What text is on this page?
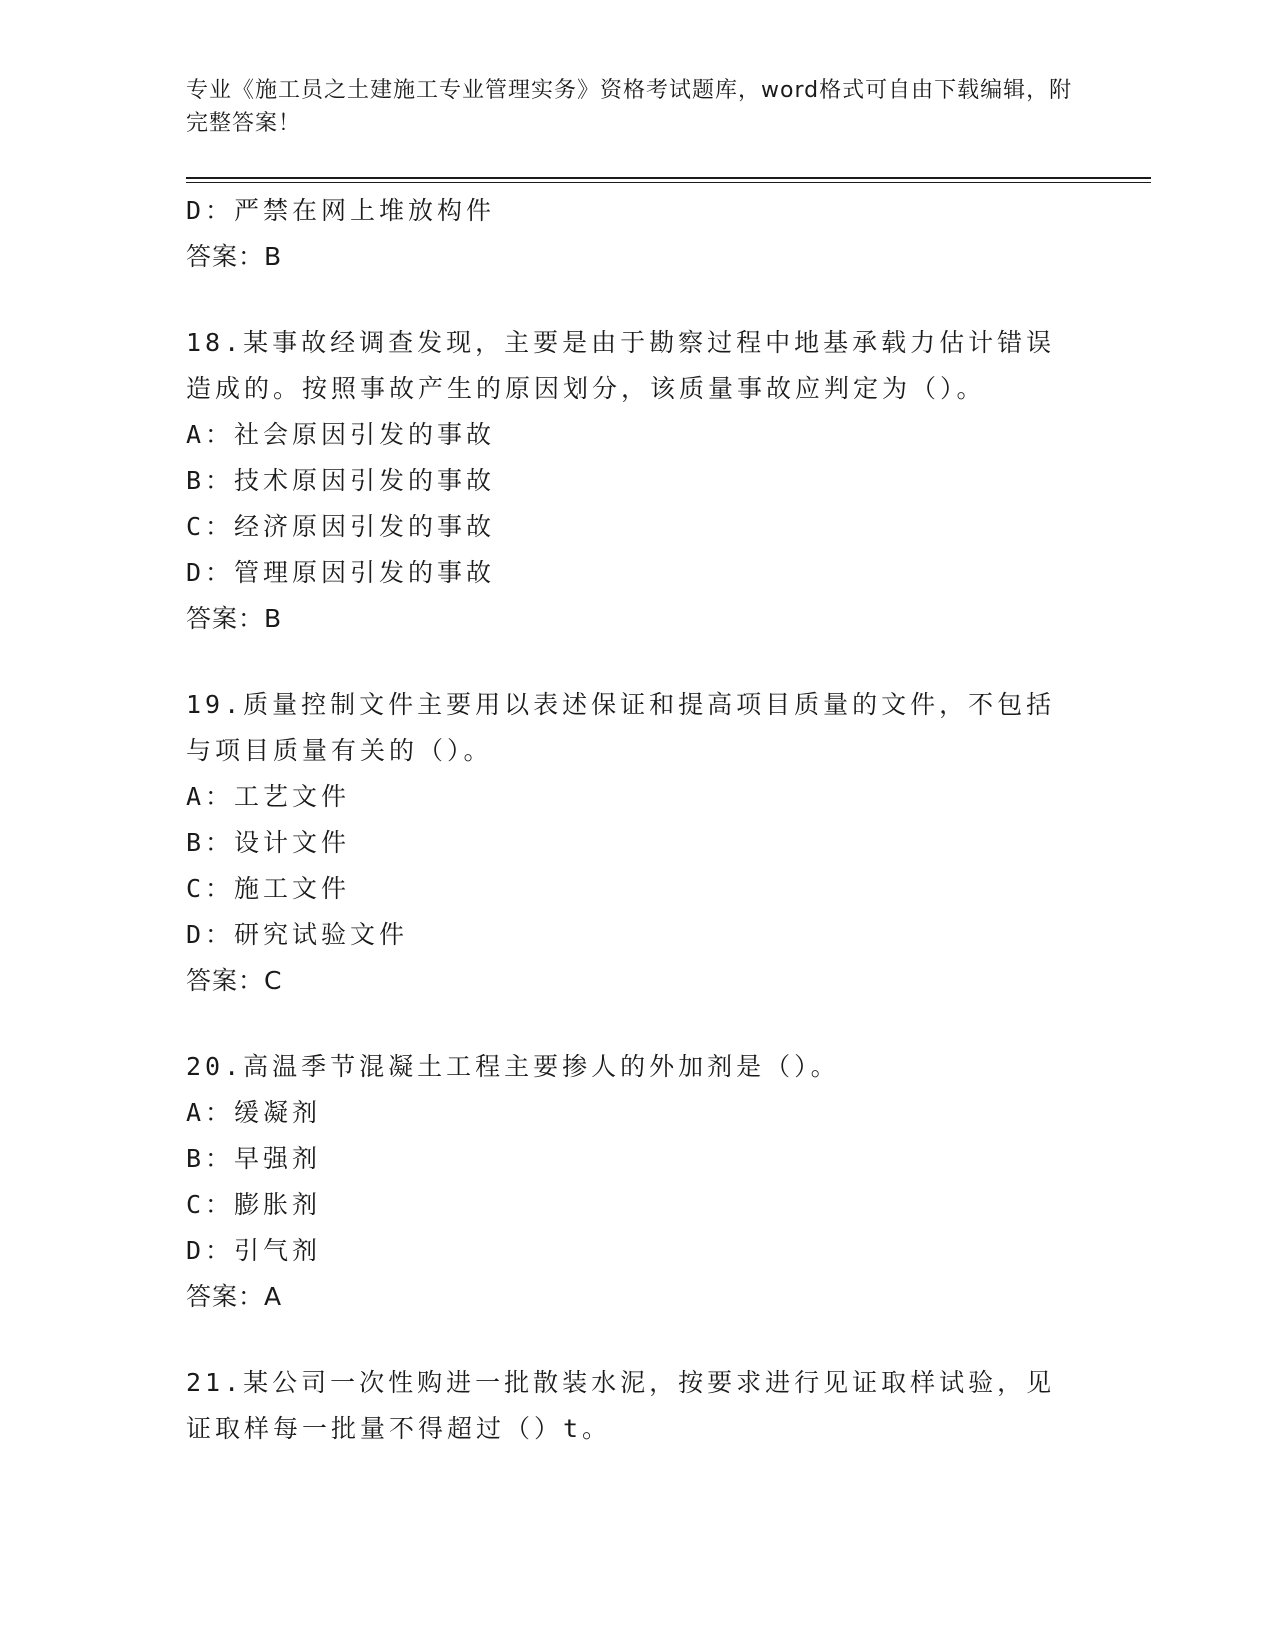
专业《施工员之土建施工专业管理实务》资格考试题库，word格式可自由下载编辑，附完整答案！
D：严禁在网上堆放构件
答案：B
18.某事故经调查发现，主要是由于勘察过程中地基承载力估计错误造成的。按照事故产生的原因划分，该质量事故应判定为（）。
A：社会原因引发的事故
B：技术原因引发的事故
C：经济原因引发的事故
D：管理原因引发的事故
答案：B
19.质量控制文件主要用以表述保证和提高项目质量的文件，不包括与项目质量有关的（）。
A：工艺文件
B：设计文件
C：施工文件
D：研究试验文件
答案：C
20.高温季节混凝土工程主要掺人的外加剂是（）。
A：缓凝剂
B：早强剂
C：膨胀剂
D：引气剂
答案：A
21.某公司一次性购进一批散装水泥，按要求进行见证取样试验，见证取样每一批量不得超过（）t。
